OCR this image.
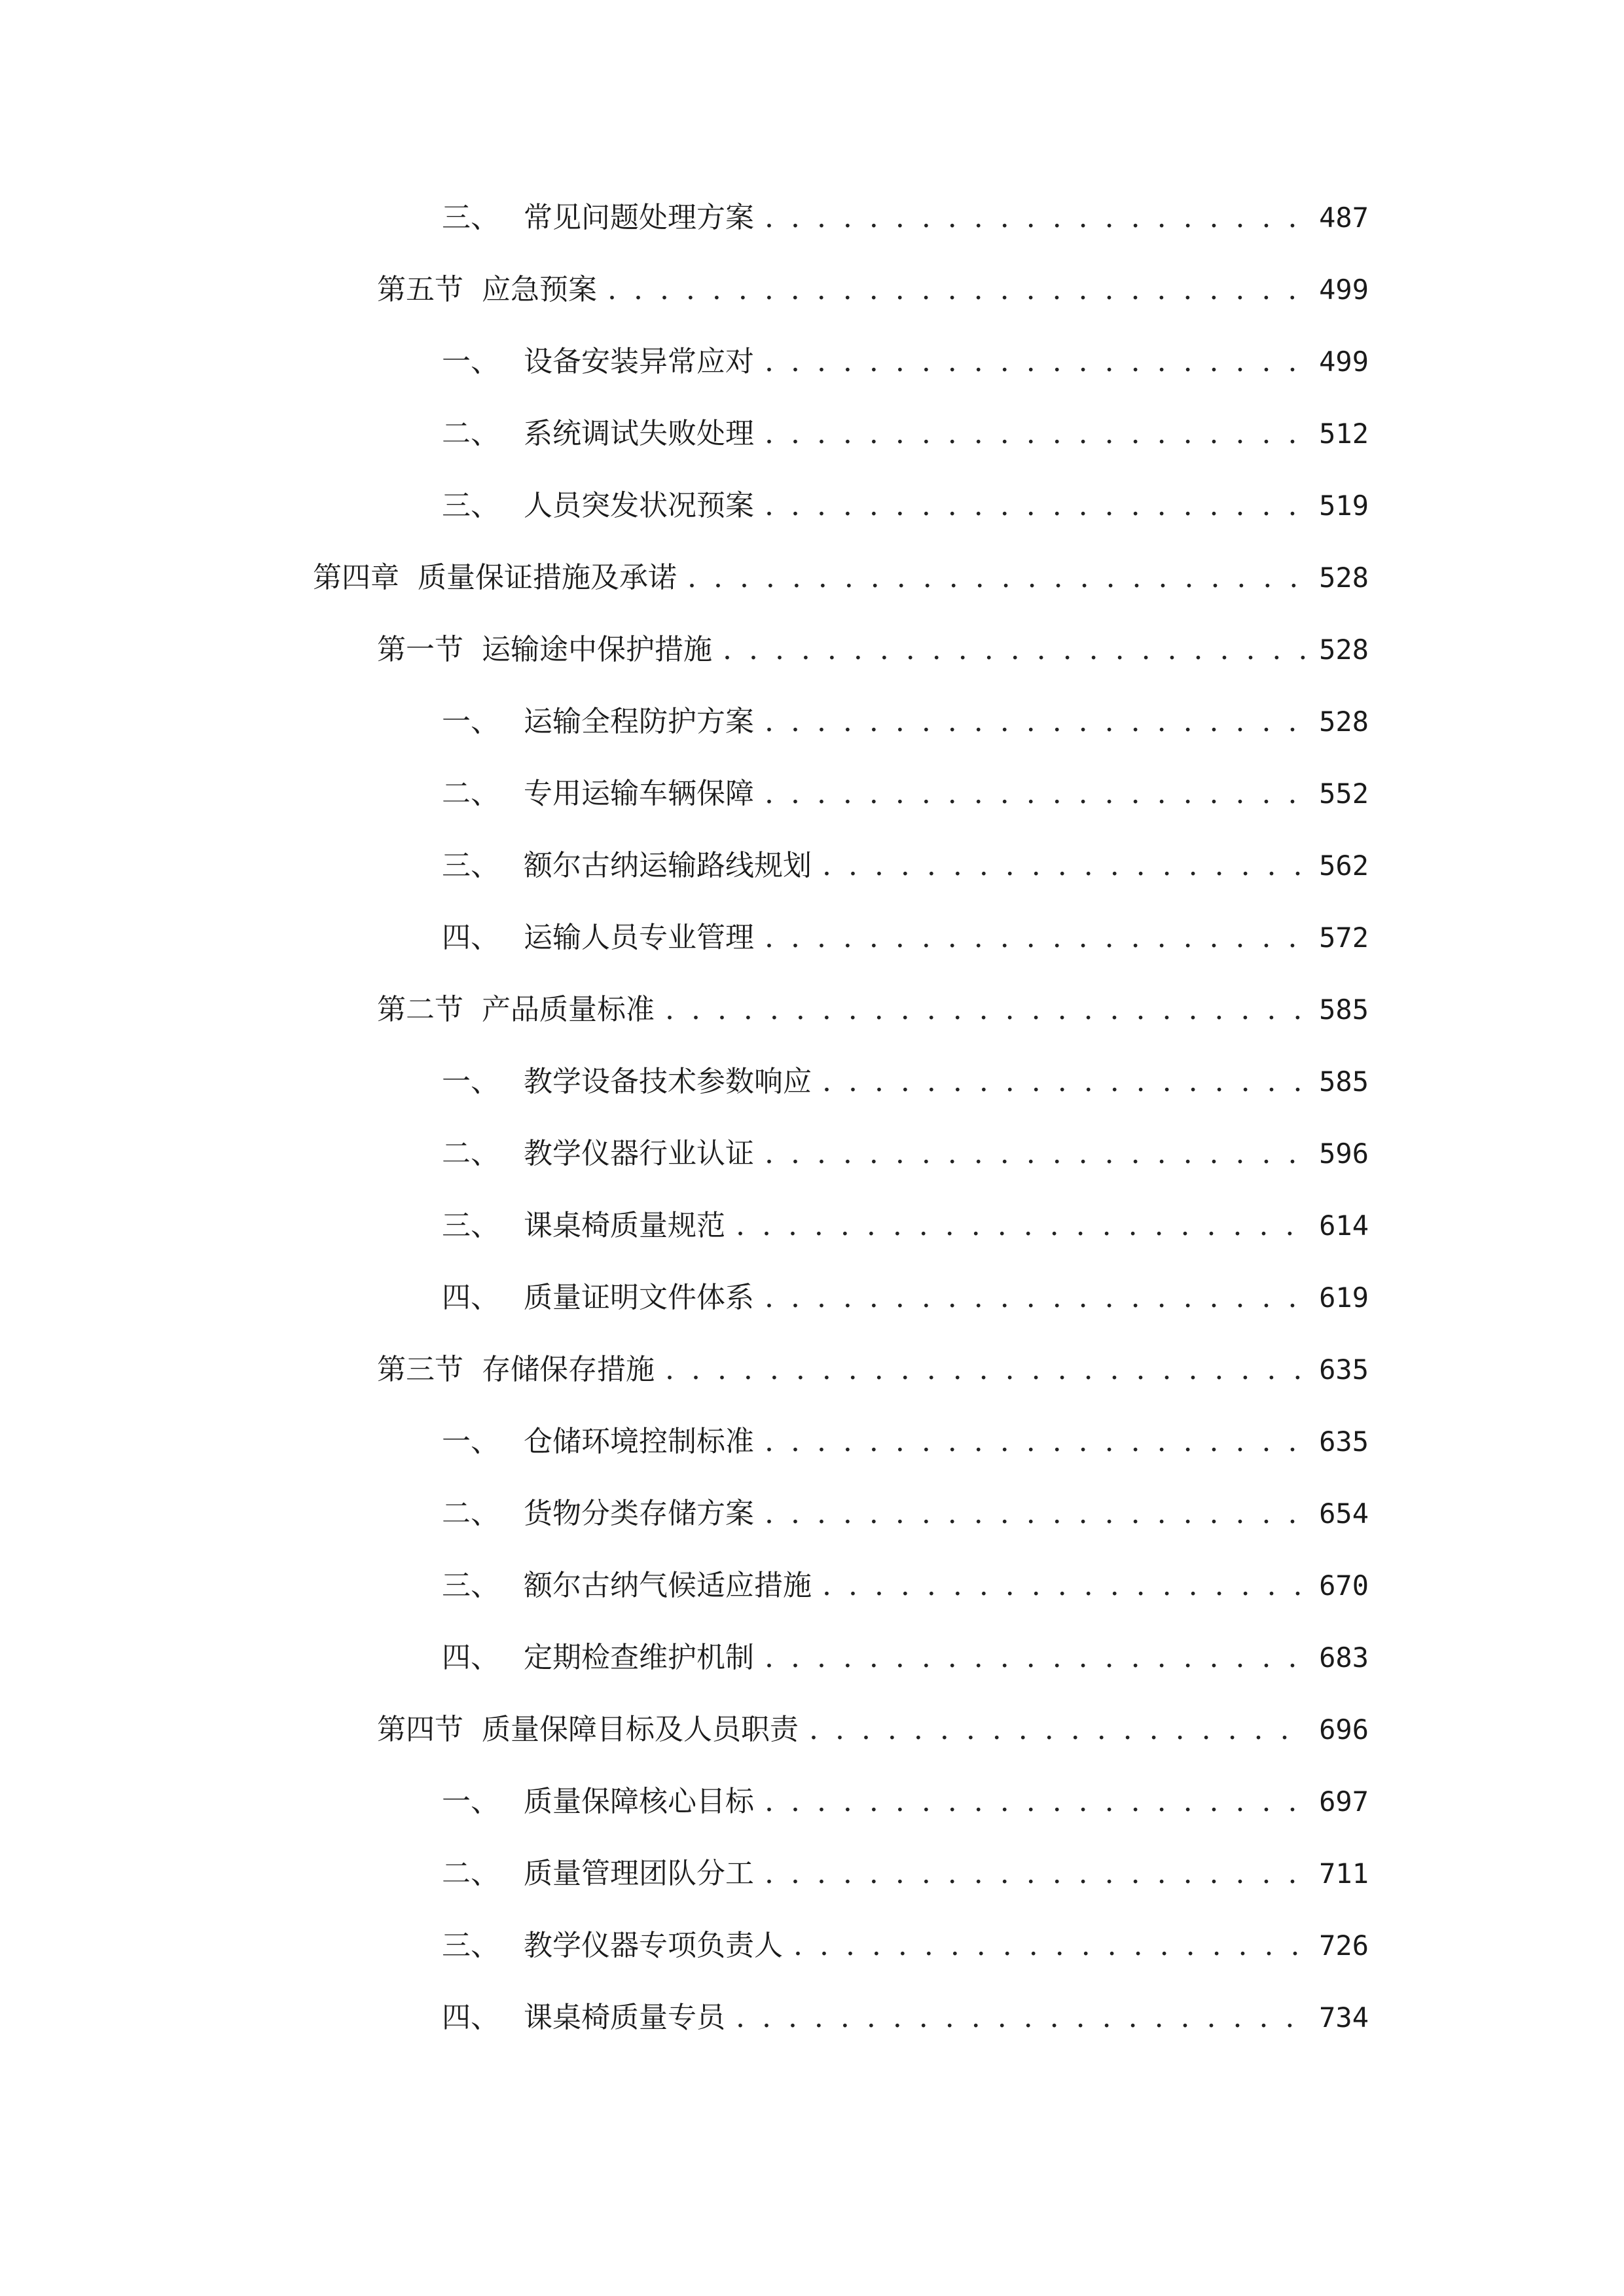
三、 常见问题处理方案 . . .	487
第五节 应急预案 . . .	499
一、 设备安装异常应对 . . .	499
二、 系统调试失败处理 . . .	512
三、 人员突发状况预案 . . .	519
第四章 质量保证措施及承诺 . . .	528
第一节 运输途中保护措施 . . .	528
一、 运输全程防护方案 . . .	528
二、 专用运输车辆保障 . . .	552
三、 额尔古纳运输路线规划 . . .	562
四、 运输人员专业管理 . . .	572
第二节 产品质量标准 . . .	585
一、 教学设备技术参数响应 . . .	585
二、 教学仪器行业认证 . . .	596
三、 课桌椅质量规范 . . .	614
四、 质量证明文件体系 . . .	619
第三节 存储保存措施 . . .	635
一、 仓储环境控制标准 . . .	635
二、 货物分类存储方案 . . .	654
三、 额尔古纳气候适应措施 . . .	670
四、 定期检查维护机制 . . .	683
第四节 质量保障目标及人员职责 . . .	696
一、 质量保障核心目标 . . .	697
二、 质量管理团队分工 . . .	711
三、 教学仪器专项负责人 . . .	726
四、 课桌椅质量专员 . . .	734
